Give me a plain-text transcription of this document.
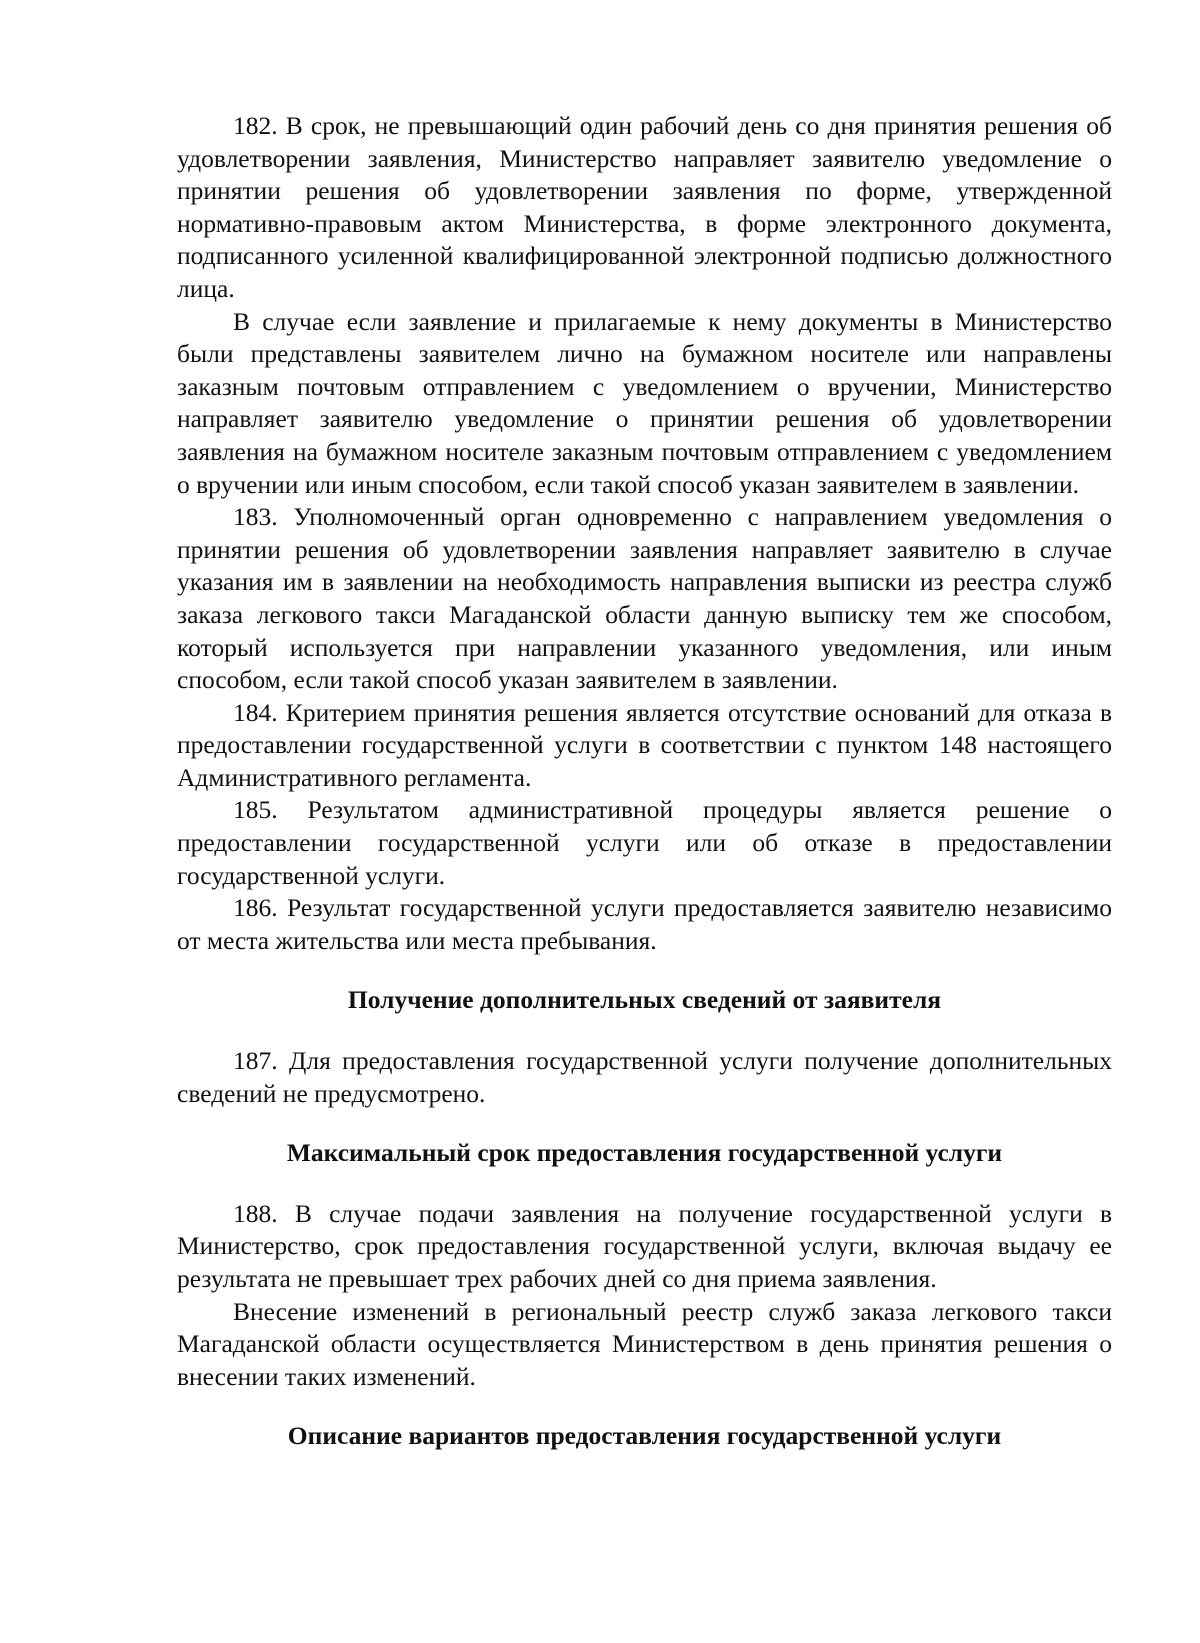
182. В срок, не превышающий один рабочий день со дня принятия решения об удовлетворении заявления, Министерство направляет заявителю уведомление о принятии решения об удовлетворении заявления по форме, утвержденной нормативно-правовым актом Министерства, в форме электронного документа, подписанного усиленной квалифицированной электронной подписью должностного лица.

В случае если заявление и прилагаемые к нему документы в Министерство были представлены заявителем лично на бумажном носителе или направлены заказным почтовым отправлением с уведомлением о вручении, Министерство направляет заявителю уведомление о принятии решения об удовлетворении заявления на бумажном носителе заказным почтовым отправлением с уведомлением о вручении или иным способом, если такой способ указан заявителем в заявлении.

183. Уполномоченный орган одновременно с направлением уведомления о принятии решения об удовлетворении заявления направляет заявителю в случае указания им в заявлении на необходимость направления выписки из реестра служб заказа легкового такси Магаданской области данную выписку тем же способом, который используется при направлении указанного уведомления, или иным способом, если такой способ указан заявителем в заявлении.

184. Критерием принятия решения является отсутствие оснований для отказа в предоставлении государственной услуги в соответствии с пунктом 148 настоящего Административного регламента.

185. Результатом административной процедуры является решение о предоставлении государственной услуги или об отказе в предоставлении государственной услуги.

186. Результат государственной услуги предоставляется заявителю независимо от места жительства или места пребывания.

Получение дополнительных сведений от заявителя

187. Для предоставления государственной услуги получение дополнительных сведений не предусмотрено.

Максимальный срок предоставления государственной услуги

188. В случае подачи заявления на получение государственной услуги в Министерство, срок предоставления государственной услуги, включая выдачу ее результата не превышает трех рабочих дней со дня приема заявления.

Внесение изменений в региональный реестр служб заказа легкового такси Магаданской области осуществляется Министерством в день принятия решения о внесении таких изменений.

Описание вариантов предоставления государственной услуги
